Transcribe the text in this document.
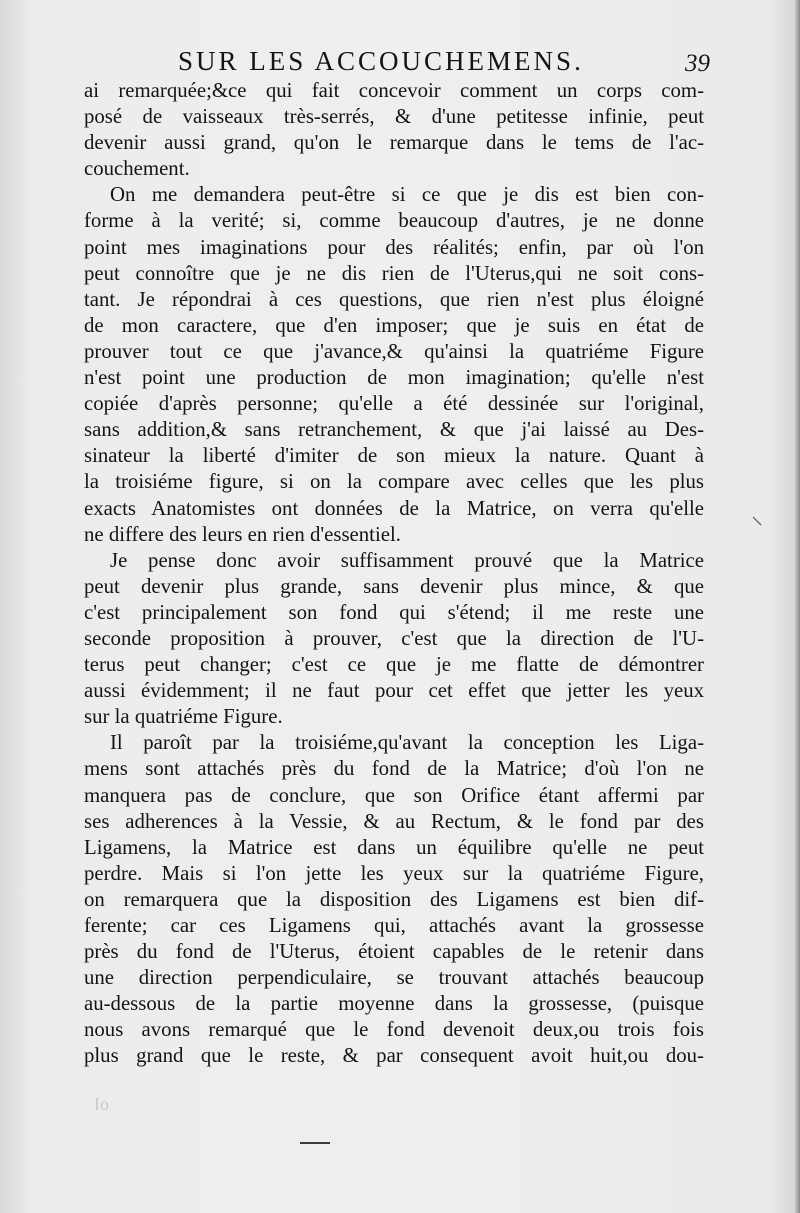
SUR LES ACCOUCHEMENS.	39
ai remarquée;&ce qui fait concevoir comment un corps com-
posé de vaisseaux très-serrés, & d'une petitesse infinie, peut
devenir aussi grand, qu'on le remarque dans le tems de l'ac-
couchement.
On me demandera peut-être si ce que je dis est bien con-
forme à la verité; si, comme beaucoup d'autres, je ne donne
point mes imaginations pour des réalités; enfin, par où l'on
peut connoître que je ne dis rien de l'Uterus,qui ne soit cons-
tant. Je répondrai à ces questions, que rien n'est plus éloigné
de mon caractere, que d'en imposer; que je suis en état de
prouver tout ce que j'avance,& qu'ainsi la quatriéme Figure
n'est point une production de mon imagination; qu'elle n'est
copiée d'après personne; qu'elle a été dessinée sur l'original,
sans addition,& sans retranchement, & que j'ai laissé au Des-
sinateur la liberté d'imiter de son mieux la nature. Quant à
la troisiéme figure, si on la compare avec celles que les plus
exacts Anatomistes ont données de la Matrice, on verra qu'elle
ne differe des leurs en rien d'essentiel.
Je pense donc avoir suffisamment prouvé que la Matrice
peut devenir plus grande, sans devenir plus mince, & que
c'est principalement son fond qui s'étend; il me reste une
seconde proposition à prouver, c'est que la direction de l'U-
terus peut changer; c'est ce que je me flatte de démontrer
aussi évidemment; il ne faut pour cet effet que jetter les yeux
sur la quatriéme Figure.
Il paroît par la troisiéme,qu'avant la conception les Liga-
mens sont attachés près du fond de la Matrice; d'où l'on ne
manquera pas de conclure, que son Orifice étant affermi par
ses adherences à la Vessie, & au Rectum, & le fond par des
Ligamens, la Matrice est dans un équilibre qu'elle ne peut
perdre. Mais si l'on jette les yeux sur la quatriéme Figure,
on remarquera que la disposition des Ligamens est bien dif-
ferente; car ces Ligamens qui, attachés avant la grossesse
près du fond de l'Uterus, étoient capables de le retenir dans
une direction perpendiculaire, se trouvant attachés beaucoup
au-dessous de la partie moyenne dans la grossesse, (puisque
nous avons remarqué que le fond devenoit deux,ou trois fois
plus grand que le reste, & par consequent avoit huit,ou dou-
Io
